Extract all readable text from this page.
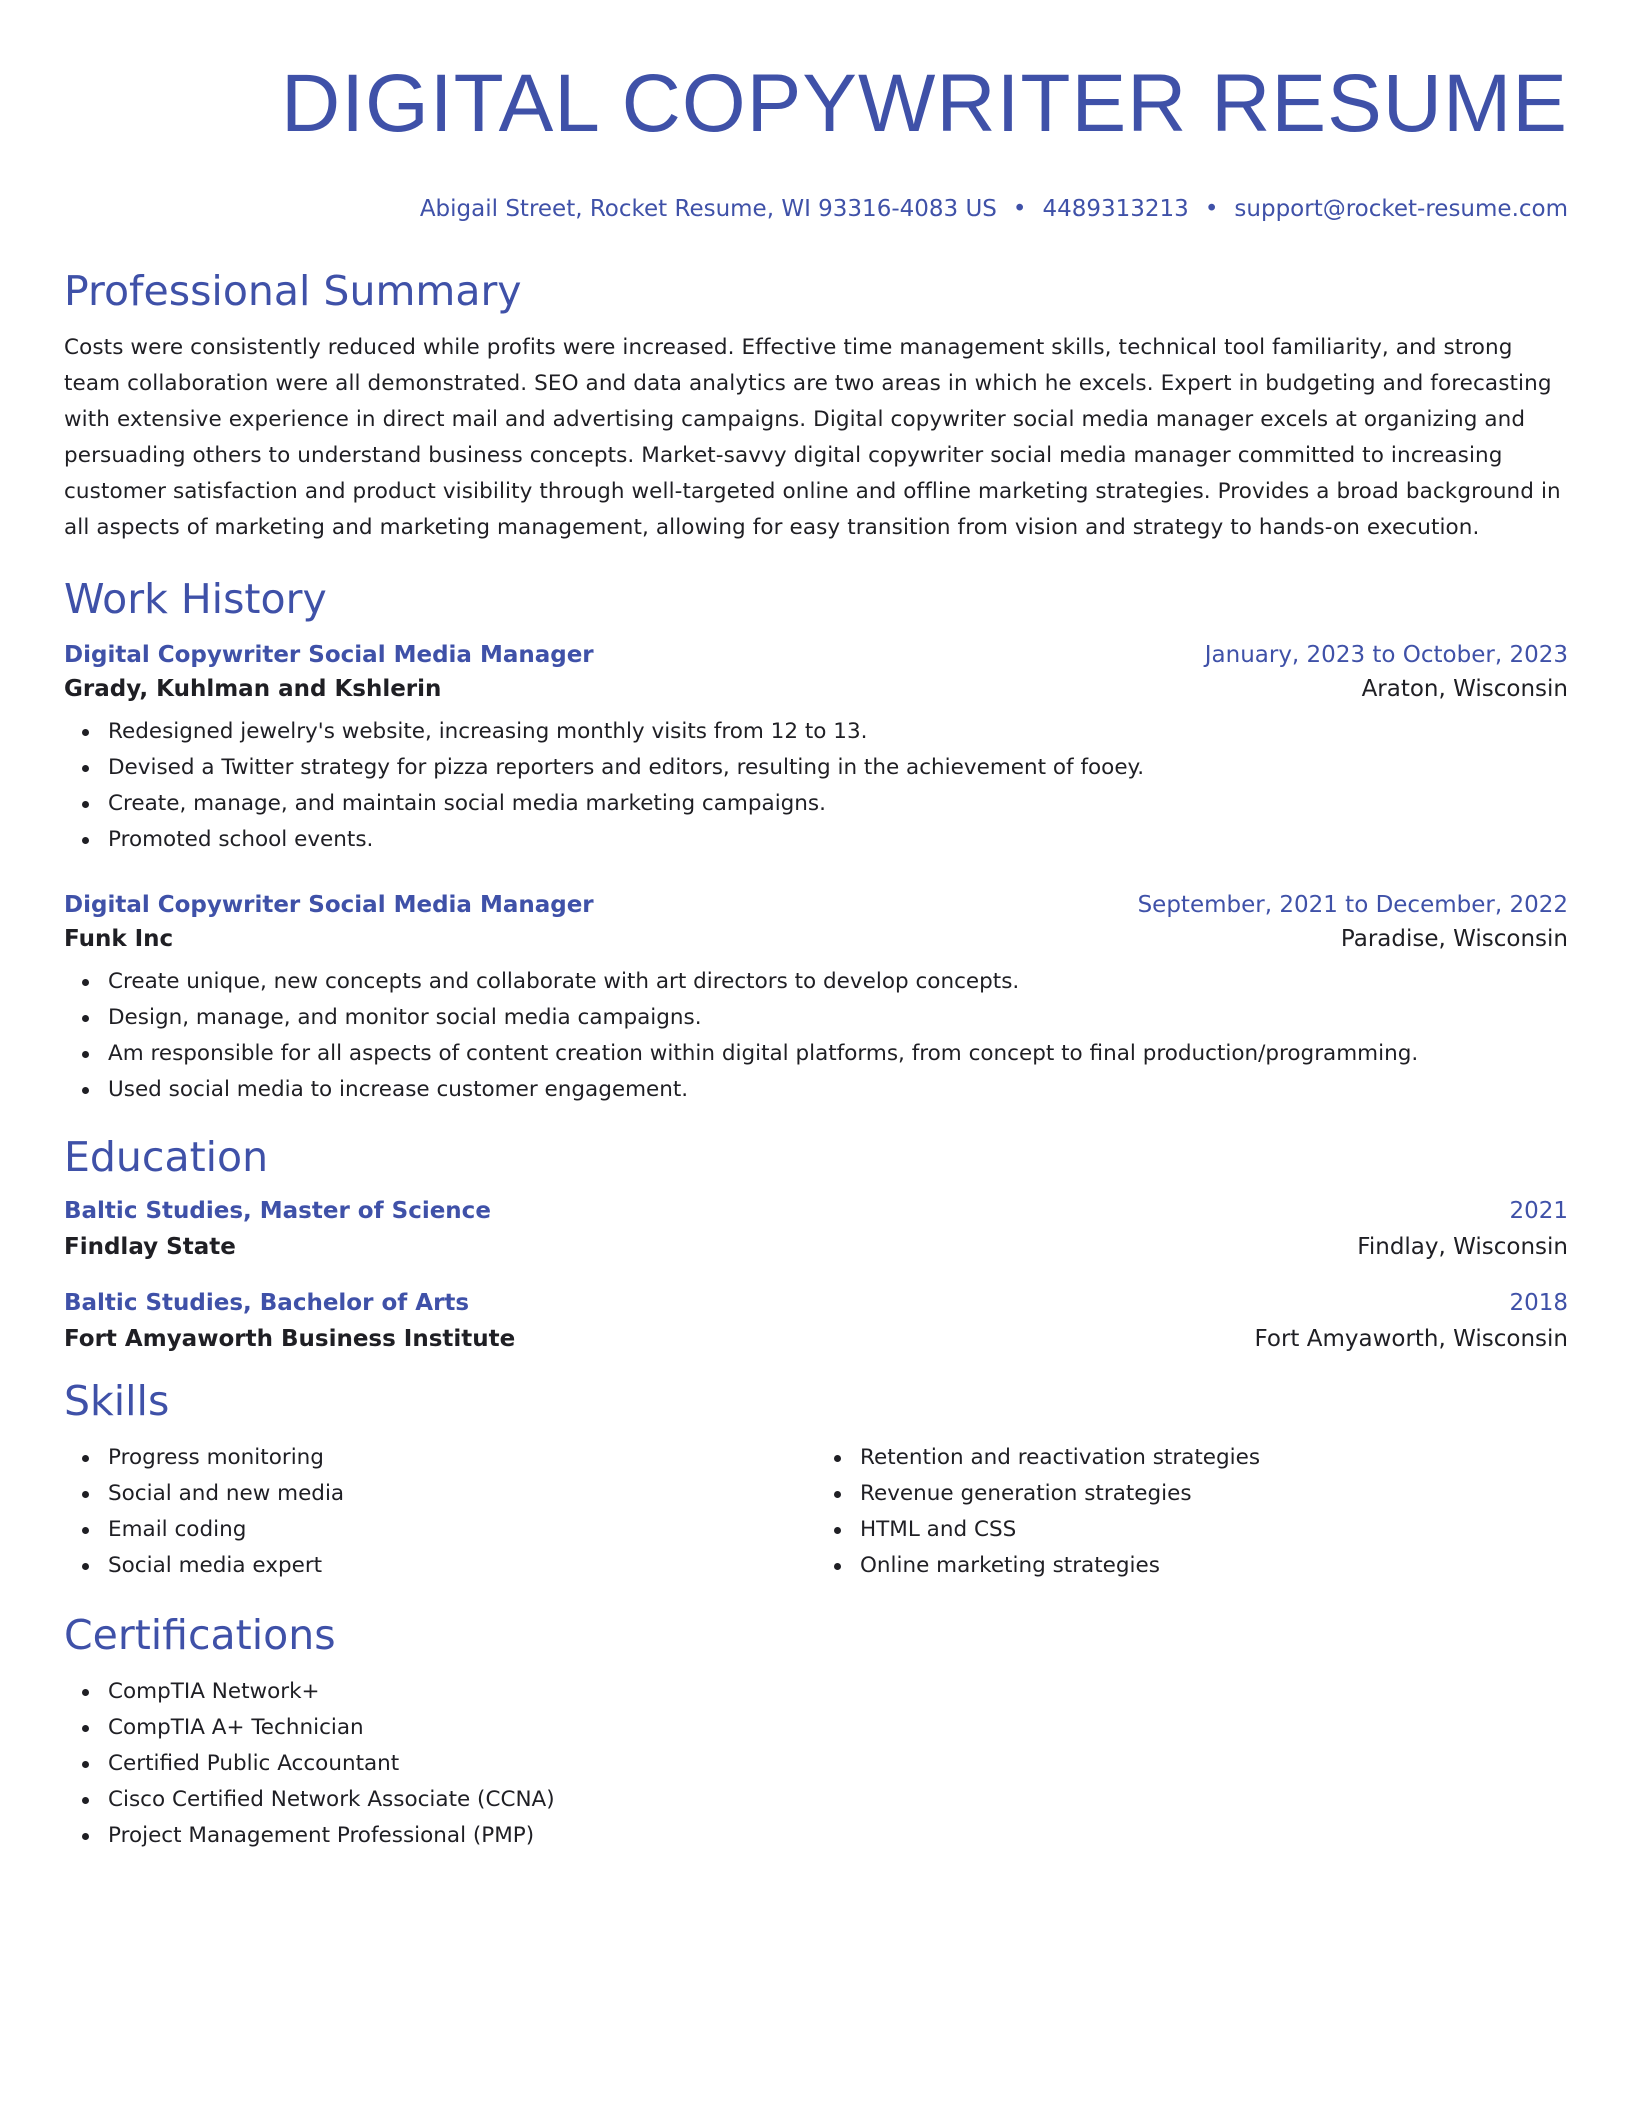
DIGITAL COPYWRITER RESUME
Abigail Street, Rocket Resume, WI 93316-4083 US • 4489313213 • support@rocket-resume.com
Professional Summary

Costs were consistently reduced while profits were increased. Effective time management skills, technical tool familiarity, and strong team collaboration were all demonstrated. SEO and data analytics are two areas in which he excels. Expert in budgeting and forecasting with extensive experience in direct mail and advertising campaigns. Digital copywriter social media manager excels at organizing and persuading others to understand business concepts. Market-savvy digital copywriter social media manager committed to increasing customer satisfaction and product visibility through well-targeted online and offline marketing strategies. Provides a broad background in all aspects of marketing and marketing management, allowing for easy transition from vision and strategy to hands-on execution.

Work History
Digital Copywriter Social Media Manager	January, 2023 to October, 2023
Grady, Kuhlman and Kshlerin	Araton, Wisconsin
Redesigned jewelry's website, increasing monthly visits from 12 to 13.
Devised a Twitter strategy for pizza reporters and editors, resulting in the achievement of fooey.
Create, manage, and maintain social media marketing campaigns.
Promoted school events.
Digital Copywriter Social Media Manager	September, 2021 to December, 2022
Funk Inc	Paradise, Wisconsin
Create unique, new concepts and collaborate with art directors to develop concepts.
Design, manage, and monitor social media campaigns.
Am responsible for all aspects of content creation within digital platforms, from concept to final production/programming.
Used social media to increase customer engagement.
Education
Baltic Studies, Master of Science	2021
Findlay State	Findlay, Wisconsin
Baltic Studies, Bachelor of Arts	2018
Fort Amyaworth Business Institute	Fort Amyaworth, Wisconsin
Skills
Progress monitoring
Social and new media
Email coding
Social media expert
Retention and reactivation strategies
Revenue generation strategies
HTML and CSS
Online marketing strategies
Certifications
CompTIA Network+
CompTIA A+ Technician
Certified Public Accountant
Cisco Certified Network Associate (CCNA)
Project Management Professional (PMP)
